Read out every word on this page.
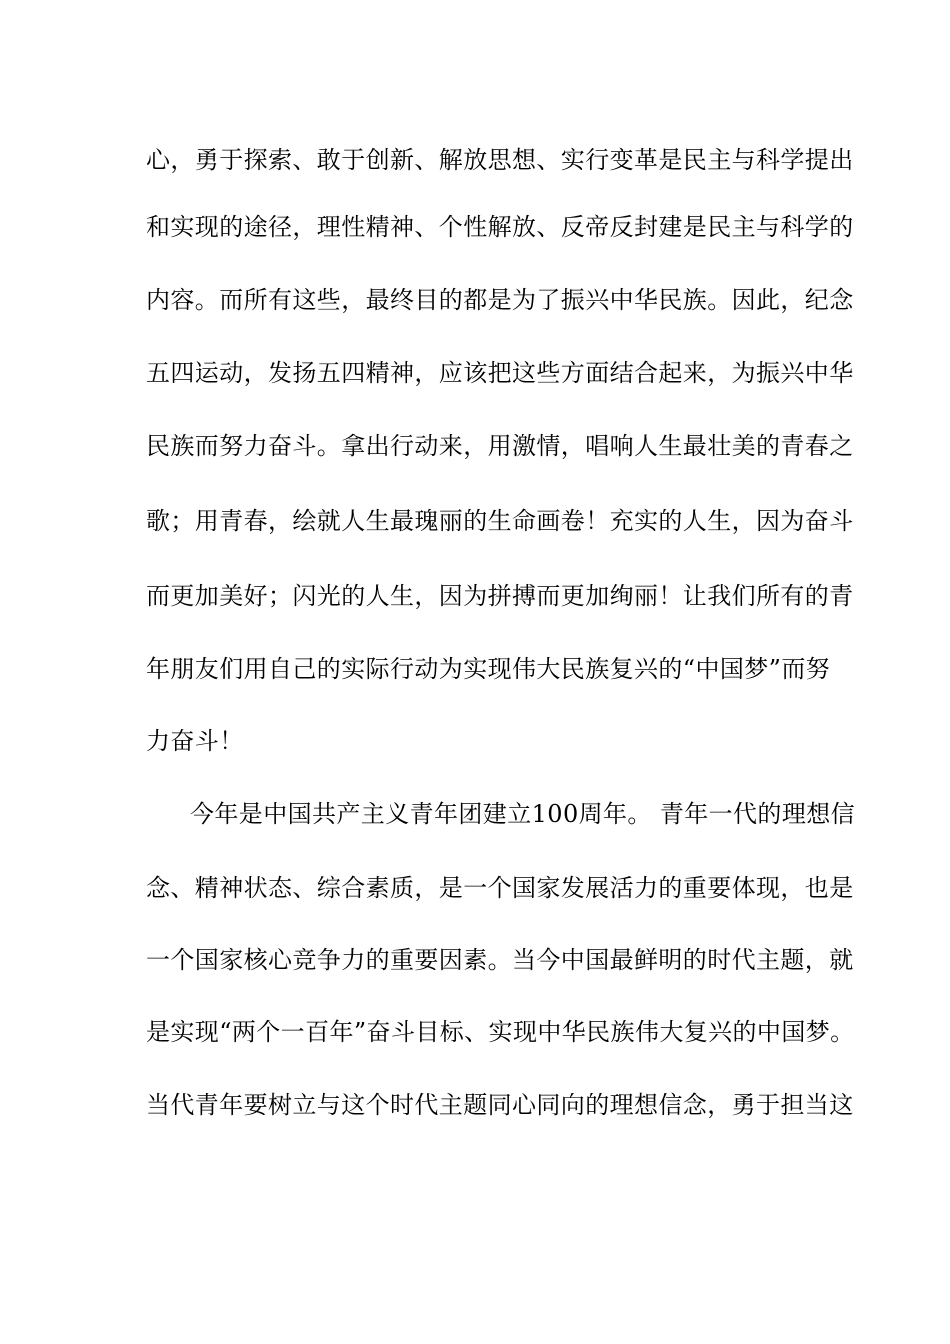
心，勇于探索、敢于创新、解放思想、实行变革是民主与科学提出
和实现的途径，理性精神、个性解放、反帝反封建是民主与科学的
内容。而所有这些，最终目的都是为了振兴中华民族。因此，纪念
五四运动，发扬五四精神，应该把这些方面结合起来，为振兴中华
民族而努力奋斗。拿出行动来，用激情，唱响人生最壮美的青春之
歌；用青春，绘就人生最瑰丽的生命画卷！充实的人生，因为奋斗
而更加美好；闪光的人生，因为拼搏而更加绚丽！让我们所有的青
年朋友们用自己的实际行动为实现伟大民族复兴的“中国梦”而努
力奋斗！
今年是中国共产主义青年团建立100周年。 青年一代的理想信
念、精神状态、综合素质，是一个国家发展活力的重要体现，也是
一个国家核心竞争力的重要因素。当今中国最鲜明的时代主题，就
是实现“两个一百年”奋斗目标、实现中华民族伟大复兴的中国梦。
当代青年要树立与这个时代主题同心同向的理想信念，勇于担当这
